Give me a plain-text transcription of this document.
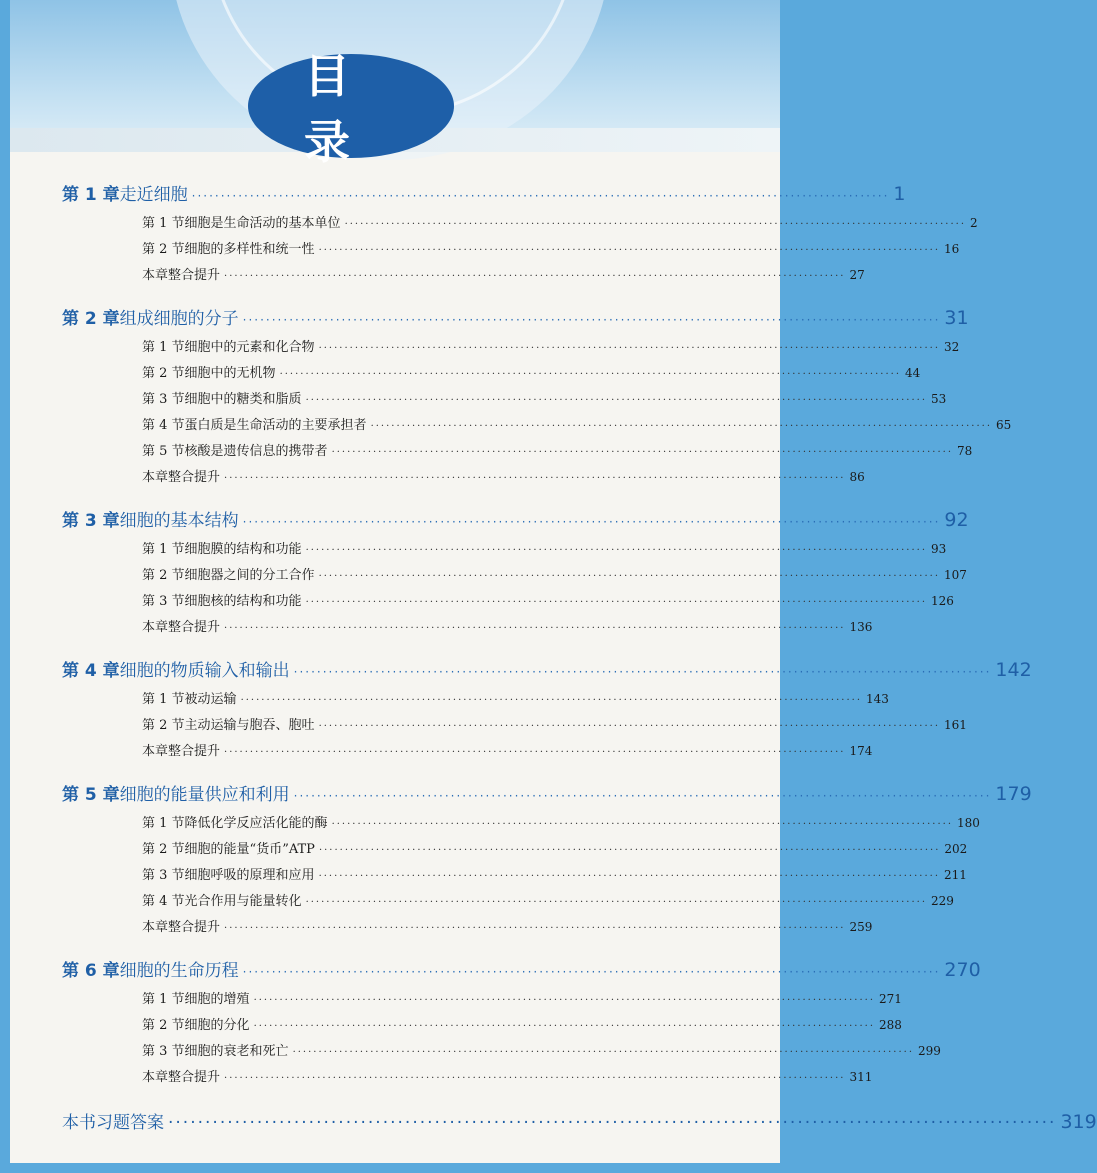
目 录
第 1 章 走近细胞 ························································································································ 1
第 1 节 细胞是生命活动的基本单位 ························································································································ 2
第 2 节 细胞的多样性和统一性 ························································································································ 16
本章整合提升 ························································································································ 27
第 2 章 组成细胞的分子 ························································································································ 31
第 1 节 细胞中的元素和化合物 ························································································································ 32
第 2 节 细胞中的无机物 ························································································································ 44
第 3 节 细胞中的糖类和脂质 ························································································································ 53
第 4 节 蛋白质是生命活动的主要承担者 ························································································································ 65
第 5 节 核酸是遗传信息的携带者 ························································································································ 78
本章整合提升 ························································································································ 86
第 3 章 细胞的基本结构 ························································································································ 92
第 1 节 细胞膜的结构和功能 ························································································································ 93
第 2 节 细胞器之间的分工合作 ························································································································ 107
第 3 节 细胞核的结构和功能 ························································································································ 126
本章整合提升 ························································································································ 136
第 4 章 细胞的物质输入和输出 ························································································································ 142
第 1 节 被动运输 ························································································································ 143
第 2 节 主动运输与胞吞、胞吐 ························································································································ 161
本章整合提升 ························································································································ 174
第 5 章 细胞的能量供应和利用 ························································································································ 179
第 1 节 降低化学反应活化能的酶 ························································································································ 180
第 2 节 细胞的能量“货币”ATP ························································································································ 202
第 3 节 细胞呼吸的原理和应用 ························································································································ 211
第 4 节 光合作用与能量转化 ························································································································ 229
本章整合提升 ························································································································ 259
第 6 章 细胞的生命历程 ························································································································ 270
第 1 节 细胞的增殖 ························································································································ 271
第 2 节 细胞的分化 ························································································································ 288
第 3 节 细胞的衰老和死亡 ························································································································ 299
本章整合提升 ························································································································ 311
本书习题答案 ························································································································ 319
